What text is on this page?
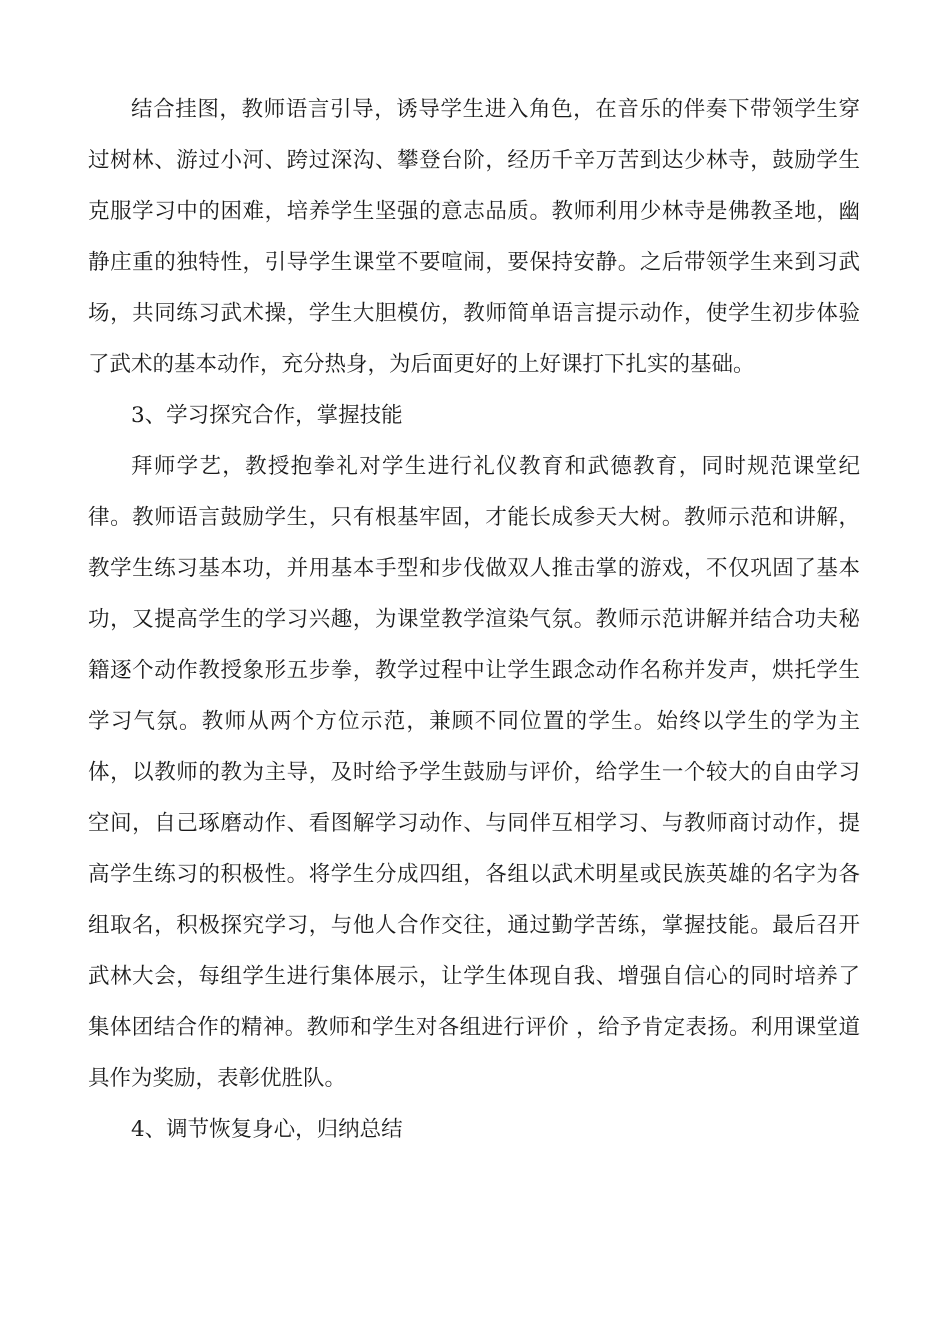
结合挂图，教师语言引导，诱导学生进入角色，在音乐的伴奏下带领学生穿过树林、游过小河、跨过深沟、攀登台阶，经历千辛万苦到达少林寺，鼓励学生克服学习中的困难，培养学生坚强的意志品质。教师利用少林寺是佛教圣地，幽静庄重的独特性，引导学生课堂不要喧闹，要保持安静。之后带领学生来到习武场，共同练习武术操，学生大胆模仿，教师简单语言提示动作，使学生初步体验了武术的基本动作，充分热身，为后面更好的上好课打下扎实的基础。

3、学习探究合作，掌握技能

拜师学艺，教授抱拳礼对学生进行礼仪教育和武德教育，同时规范课堂纪律。教师语言鼓励学生，只有根基牢固，才能长成参天大树。教师示范和讲解，教学生练习基本功，并用基本手型和步伐做双人推击掌的游戏，不仅巩固了基本功，又提高学生的学习兴趣，为课堂教学渲染气氛。教师示范讲解并结合功夫秘籍逐个动作教授象形五步拳，教学过程中让学生跟念动作名称并发声，烘托学生学习气氛。教师从两个方位示范，兼顾不同位置的学生。始终以学生的学为主体，以教师的教为主导，及时给予学生鼓励与评价，给学生一个较大的自由学习空间，自己琢磨动作、看图解学习动作、与同伴互相学习、与教师商讨动作，提高学生练习的积极性。将学生分成四组，各组以武术明星或民族英雄的名字为各组取名，积极探究学习，与他人合作交往，通过勤学苦练，掌握技能。最后召开武林大会，每组学生进行集体展示，让学生体现自我、增强自信心的同时培养了集体团结合作的精神。教师和学生对各组进行评价 ，给予肯定表扬。利用课堂道具作为奖励，表彰优胜队。

4、调节恢复身心，归纳总结
